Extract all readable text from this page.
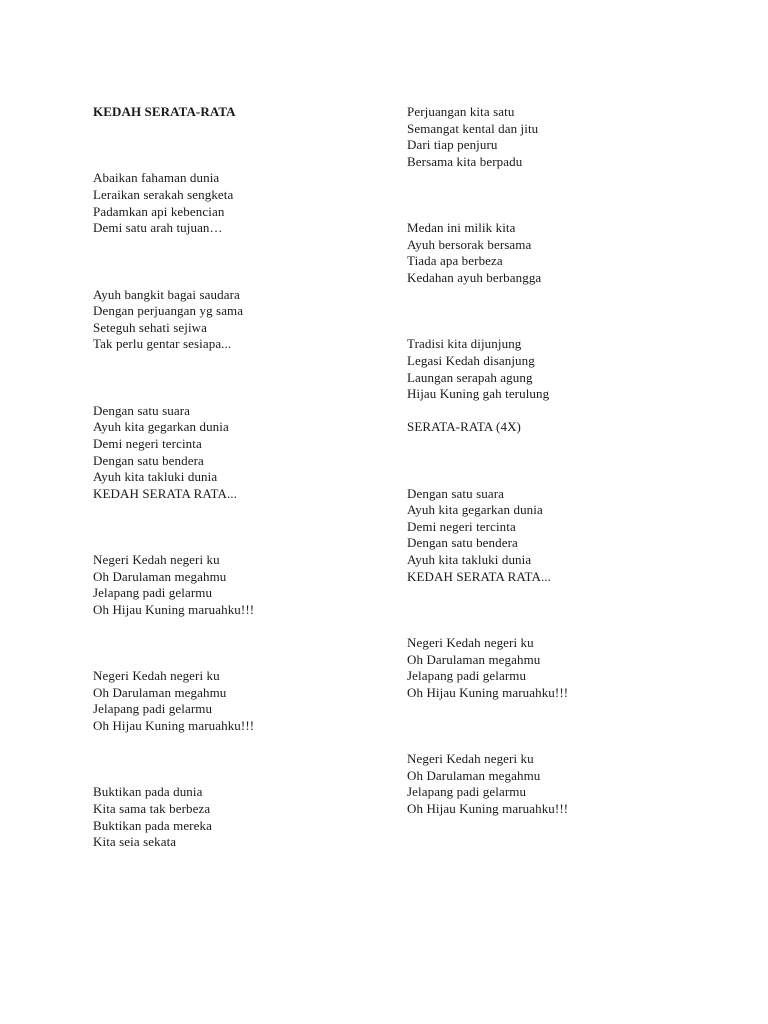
KEDAH SERATA-RATA
Abaikan fahaman dunia
Leraikan serakah sengketa
Padamkan api kebencian
Demi satu arah tujuan…
Ayuh bangkit bagai saudara
Dengan perjuangan yg sama
Seteguh sehati sejiwa
Tak perlu gentar sesiapa...
Dengan satu suara
Ayuh kita gegarkan dunia
Demi negeri tercinta
Dengan satu bendera
Ayuh kita takluki dunia
KEDAH SERATA RATA...
Negeri Kedah negeri ku
Oh Darulaman megahmu
Jelapang padi gelarmu
Oh Hijau Kuning maruahku!!!
Negeri Kedah negeri ku
Oh Darulaman megahmu
Jelapang padi gelarmu
Oh Hijau Kuning maruahku!!!
Buktikan pada dunia
Kita sama tak berbeza
Buktikan pada mereka
Kita seia sekata
Perjuangan kita satu
Semangat kental dan jitu
Dari tiap penjuru
Bersama kita berpadu
Medan ini milik kita
Ayuh bersorak bersama
Tiada apa berbeza
Kedahan ayuh berbangga
Tradisi kita dijunjung
Legasi Kedah disanjung
Laungan serapah agung
Hijau Kuning gah terulung
SERATA-RATA (4X)
Dengan satu suara
Ayuh kita gegarkan dunia
Demi negeri tercinta
Dengan satu bendera
Ayuh kita takluki dunia
KEDAH SERATA RATA...
Negeri Kedah negeri ku
Oh Darulaman megahmu
Jelapang padi gelarmu
Oh Hijau Kuning maruahku!!!
Negeri Kedah negeri ku
Oh Darulaman megahmu
Jelapang padi gelarmu
Oh Hijau Kuning maruahku!!!
